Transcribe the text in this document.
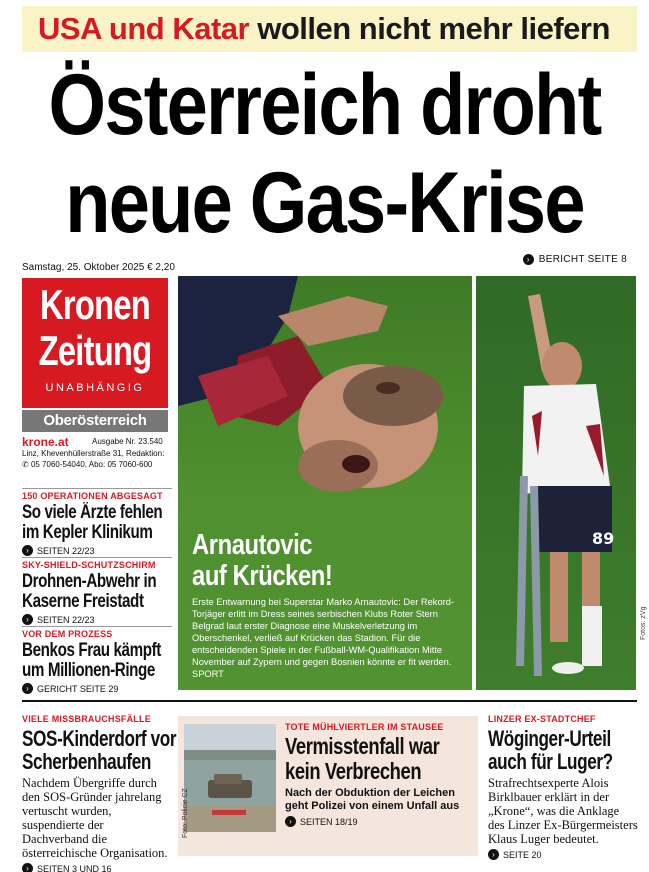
USA und Katar wollen nicht mehr liefern
Österreich droht
neue Gas-Krise
Samstag, 25. Oktober 2025 € 2,20
› BERICHT SEITE 8
Kronen
Zeitung
UNABHÄNGIG
Oberösterreich
krone.at	Ausgabe Nr. 23.540
Linz, Khevenhüllerstraße 31, Redaktion:
✆ 05 7060-54040, Abo: 05 7060-600
89
Fotos: zVg
Arnautovic
auf Krücken!
Erste Entwarnung bei Superstar Marko Arnautovic: Der Rekord-Torjäger erlitt im Dress seines serbischen Klubs Roter Stern Belgrad laut erster Diagnose eine Muskelverletzung im Oberschenkel, verließ auf Krücken das Stadion. Für die entscheidenden Spiele in der Fußball-WM-Qualifikation Mitte November auf Zypern und gegen Bosnien könnte er fit werden. SPORT
150 OPERATIONEN ABGESAGT
So viele Ärzte fehlen
im Kepler Klinikum
› SEITEN 22/23
SKY-SHIELD-SCHUTZSCHIRM
Drohnen-Abwehr in
Kaserne Freistadt
› SEITEN 22/23
VOR DEM PROZESS
Benkos Frau kämpft
um Millionen-Ringe
› GERICHT SEITE 29
VIELE MISSBRAUCHSFÄLLE
SOS-Kinderdorf vor
Scherbenhaufen
Nachdem Übergriffe durch den SOS-Gründer jahrelang vertuscht wurden, suspendierte der Dachverband die österreichische Organisation.
› SEITEN 3 UND 16
Foto: Policie CZ
TOTE MÜHLVIERTLER IM STAUSEE
Vermisstenfall war
kein Verbrechen
Nach der Obduktion der Leichen geht Polizei von einem Unfall aus
› SEITEN 18/19
LINZER EX-STADTCHEF
Wöginger-Urteil
auch für Luger?
Strafrechtsexperte Alois Birklbauer erklärt in der „Krone“, was die Anklage des Linzer Ex-Bürgermeisters Klaus Luger bedeutet.
› SEITE 20
